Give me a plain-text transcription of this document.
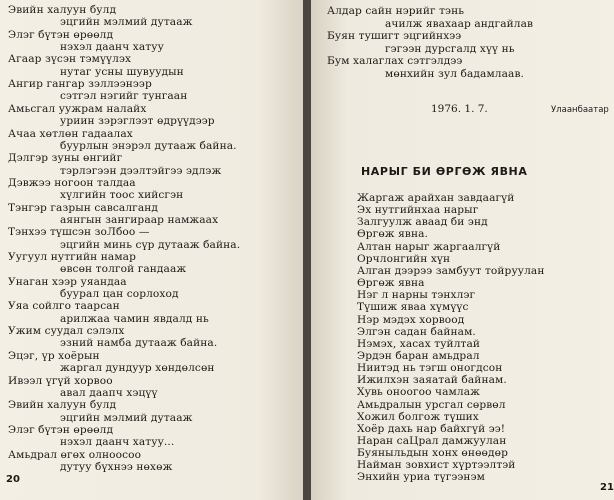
20
Эвийн халуун булд
эцгийн мэлмий дутааж
Элэг бүтэн өрөөлд
нэхэл даанч хатуу
Агаар зүсэн тэмүүлэх
нутаг усны шувуудын
Ангир гангар зэллээнээр
сэтгэл нэгийг тунгаан
Амьсгал уужрам налайх
уриин зэрэглээт өдрүүдээр
Ачаа хөтлөн гадаалах
буурлын энэрэл дутааж байна.
Дэлгэр зуны өнгийг
тэрлэгээн дээлтэйгээ эдлэж
Дэвжээ ногоон талдаа
хүлгийн тоос хийсгэн
Тэнгэр газрын савсалганд
аянгын зангираар намжаах
Тэнхээ түшсэн зоЛбоо —
эцгийн минь сүр дутааж байна.
Уугуул нутгийн намар
өвсөн толгой гандааж
Унаган хээр уяандаа
буурал цан сорлоход
Уяа сойлго таарсан
арилжаа чамин явдалд нь
Ужим суудал сэлэлх
эзний намба дутааж байна.
Эцэг, үр хоёрын
жаргал дундуур хөндөлсөн
Ивээл үгүй хорвоо
авал даапч хэцүү
Эвийн халуун булд
эцгийн мэлмий дутааж
Элэг бүтэн өрөөлд
нэхэл даанч хатуу...
Амьдрал өгөх олноосоо
дутуу бүхнээ нөхөж
1976. 1. 7.	Улаанбаатар
НАРЫГ БИ ӨРГӨЖ ЯВНА
21
Алдар сайн нэрийг тэнь
ачилж явахаар андгайлав
Буян тушигт эцгийнхээ
гэгээн дурсгалд хүү нь
Бум халаглах сэтгэлдээ
мөнхийн зул бадамлаав.
Жаргаж арайхан завдаагүй
Эх нутгийнхаа нарыг
Залгуулж аваад би энд
Өргөж явна.
Алтан нарыг жаргаалгүй
Орчлонгийн хүн
Алган дээрээ замбуут тойруулан
Өргөж явна
Нэг л нарны тэнхлэг
Түшиж яваа хүмүүс
Нэр мэдэх хорвоод
Элгэн садан байнам.
Нэмэх, хасах туйлтай
Эрдэн баран амьдрал
Ниитэд нь тэгш оногдсон
Ижилхэн заяатай байнам.
Хувь оноогоо чамлаж
Амьдралын урсгал сөрвөл
Хожил болгож түших
Хоёр дахь нар байхгүй ээ!
Наран саЦрал дамжуулан
Буяныльдын хонх өнөөдөр
Найман зовхист хүртээлтэй
Энхийн уриа түгээнэм
